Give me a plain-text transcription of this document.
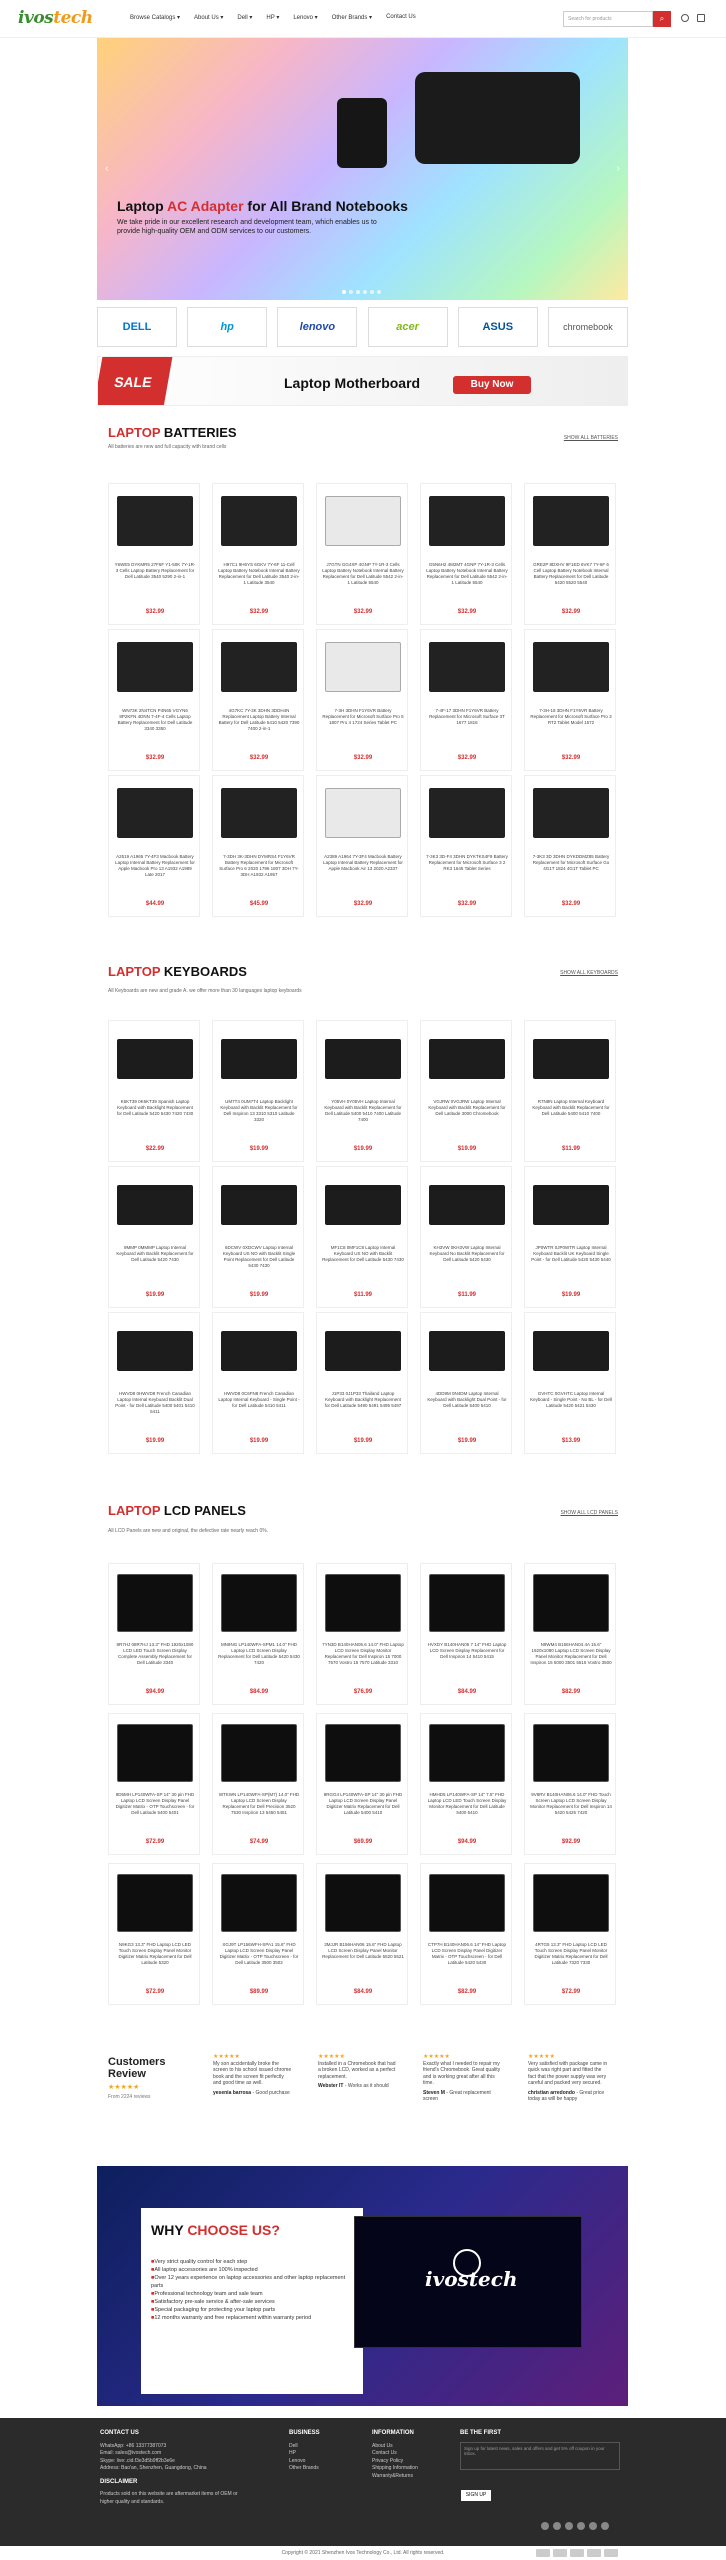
ivostech	Browse Catalogs ▾ About Us ▾ Dell ▾ HP ▾ Lenovo ▾ Other Brands ▾ Contact Us	Search for products	⌕
Laptop AC Adapter for All Brand Notebooks

We take pride in our excellent research and development team, which enables us to provide high-quality OEM and ODM services to our customers.

‹	›
DELL	hp	lenovo	acer	ASUS	chromebook
SALE	Laptop Motherboard	Buy Now
LAPTOP BATTERIES
All batteries are new and full capacity with brand cells
SHOW ALL BATTERIES
Y6WE5 DYKMR5 27F6F Y1-50K 7Y-1R-3 Cells Laptop Battery Replacement for Dell Latitude 3540 5290 2-in-1
$32.99
H97C1 9H6YS 6GKV 7Y-6F 11-Cell Laptop Battery Notebook Internal Battery Replacement for Dell Latitude 3540 2-in-1 Latitude 3540
$32.99
J7GTN GG4XP 4GNP 7Y-1R-3 Cells Laptop Battery Notebook Internal Battery Replacement for Dell Latitude 5542 2-in-1 Latitude 5540
$32.99
G5N6H2 4M2MT 4GNP 7Y-1R-3 Cells Laptop Battery Notebook Internal Battery Replacement for Dell Latitude 5542 2-in-1 Latitude 5540
$32.99
GRE2P 8DXHV 9F1ED 6VK7 7Y-6F 6 Cell Laptop Battery Notebook Internal Battery Replacement for Dell Latitude 5420 5520 5540
$32.99
WN73K 2N4TCN P4N65 VGYN6 8P2KFN 4DNN 7-4F-4 Cells Laptop Battery Replacement for Dell Latitude 3340 3350
$32.99
4G7KC 7Y-3K 3DHN 3DDH4N Replacement Laptop Battery Internal Battery for Dell Latitude 5410 5420 7390 7400 2-in-1
$32.99
7-3H 3DHN F1Y6VR Battery Replacement for Microsoft Surface Pro 5 1807 Pro 4 1724 Series Tablet PC
$32.99
7-4F-17 3DHN F1Y6VR Battery Replacement for Microsoft Surface 3T 1677 1816
$32.99
7-3H-18 3DHN F1Y6VR Battery Replacement for Microsoft Surface Pro 3 RT2 Tablet Model 1572
$32.99
A2519 A1965 7Y-4F3 Macbook Battery Laptop Internal Battery Replacement for Apple Macbook Pro 13 A1932 A1989 Late 2017
$44.99
7-3DH 3K-3DHN DYMRS4 F1Y6VR Battery Replacement for Microsoft Surface Pro 6 2020 1796 1807 3DH 7Y-3DH A1932 A1957
$45.99
A2389 A1964 7Y-3F4 Macbook Battery Laptop Internal Battery Replacement for Apple Macbook Air 13 2020 A2337
$32.99
7-3K3 3D-F4 3DHN DYKTKS4F9 Battery Replacement for Microsoft Surface 3 2 RK3 1645 Tablet Series
$32.99
7-3K3 3D 3DHN DYKDDMZ85 Battery Replacement for Microsoft Surface Go 4G1T 1824 4G1T Tablet PC
$32.99
LAPTOP KEYBOARDS
All Keyboards are new and grade A. we offer more than 30 languages laptop keyboards
SHOW ALL KEYBOARDS
K6KT39 0K6KT39 Spanish Laptop Keyboard with Backlight Replacement for Dell Latitude 5420 5430 7420 7430
$22.99
UM7T4 0UM7T4 Laptop Backlight Keyboard with Backlit Replacement for Dell Inspiron 13 3310 5310 Latitude 3320
$19.99
Y05VH 0Y05VH Laptop Internal Keyboard with Backlit Replacement for Dell Latitude 5400 5410 7400 Latitude 7400
$19.99
VGJRW 0VGJRW Laptop Internal Keyboard with Backlit Replacement for Dell Latitude 3000 Chromebook
$19.99
R7N8N Laptop Internal Keyboard Keyboard with Backlit Replacement for Dell Latitude 5400 5410 7400
$11.99
9MMP 0MMMP Laptop Internal Keyboard with Backlit Replacement for Dell Latitude 5420 7430
$19.99
6DCWV 0XDCWV Laptop Internal Keyboard US NO with Backlit Single Point Replacement for Dell Latitude 5430 7430
$19.99
MF1C8 0MF1C8 Laptop Internal Keyboard US NO with Backlit Replacement for Dell Latitude 5430 7430
$11.99
KH3VW 0KH3VW Laptop Internal Keyboard No Backlit Replacement for Dell Latitude 5420 5430
$11.99
JP0WTR 0JP0WTR Laptop Internal Keyboard Backlit UK Keyboard Single Point - for Dell Latitude 5420 5430 5440
$19.99
HWVD8 0HWVD8 French Canadian Laptop Internal Keyboard Backlit Dual Point - for Dell Latitude 5400 5401 5410 5411
$19.99
HWVD8 0C6FN8 French Canadian Laptop Internal Keyboard - Single Point - for Dell Latitude 5410 5411
$19.99
J1P33 0J1P33 Thailand Laptop Keyboard with Backlight Replacement for Dell Latitude 5490 5491 5495 5497
$19.99
4DD9M 0N4DM Laptop Internal Keyboard with Backlight Dual Point - for Dell Latitude 5400 5410
$19.99
GVHTC 0GVHTC Laptop Internal Keyboard - Single Point - No BL - for Dell Latitude 5420 5421 5430
$13.99
LAPTOP LCD PANELS
All LCD Panels are new and original, the defective rate nearly reach 0%.
SHOW ALL LCD PANELS
8R7HJ 08R7HJ 13.3" FHD 1920x1080 LCD LED Touch Screen Display Complete Assembly Replacement for Dell Latitude 3340
$94.99
MN9NG LP140WFA-SPM1 14.0" FHD Laptop LCD Screen Display Replacement for Dell Latitude 5420 5430 7420
$84.99
7YN3D B140HAN05.6 14.0" FHD Laptop LCD Screen Display Monitor Replacement for Dell Inspiron 15 7000 7570 Vostro 15 7570 Latitude 3310
$76.99
HVXDY B140HAN05 7 14" FHD Laptop LCD Screen Display Replacement for Dell Inspiron 14 5410 5415
$84.99
N9WM4 B156HAN04.4A 15.6" 1920x1080 Laptop LCD Screen Display Panel Monitor Replacement for Dell Inspiron 15 5000 3501 5515 Vostro 3500
$82.99
9D5MH LP140WFA-SP 14" 30 pin FHD Laptop LCD Screen Display Panel Digitizer Matrix - OTP Touchscreen - for Dell Latitude 5400 5401
$72.99
WTKWN LP140WFA-SP(M7) 14.0" FHD Laptop LCD Screen Display Replacement for Dell Precision 3520 7530 Inspiron 13 5450 5451
$74.99
8RGG4 LP140WFA-SP 14" 30 pin FHD Laptop LCD Screen Display Panel Digitizer Matrix Replacement for Dell Latitude 5400 5410
$69.99
HMHD5 LP140WFA-SP 14" 7.5" FHD Laptop LCD LED Touch Screen Display Monitor Replacement for Dell Latitude 5400 5410
$94.99
9V8RV B140HAN06.6 14.0" FHD Touch Screen Laptop LCD Screen Display Monitor Replacement for Dell Inspiron 14 5420 5425 7420
$92.99
N9KG3 13.3" FHD Laptop LCD LED Touch Screen Display Panel Monitor Digitizer Matrix Replacement for Dell Latitude 5320
$72.99
XGJ9T LP156WFH-SPA1 15.6" FHD Laptop LCD Screen Display Panel Digitizer Matrix - OTP Touchscreen - for Dell Latitude 3500 3502
$89.99
3MJJR B156HAN06 15.6" FHD Laptop LCD Screen Display Panel Monitor Replacement for Dell Latitude 5520 5521
$84.99
CTP7H B140HAN06.6 14" FHD Laptop LCD Screen Display Panel Digitizer Matrix - OTP Touchscreen - for Dell Latitude 5420 5430
$82.99
4RTG5 13.3" FHD Laptop LCD LED Touch Screen Display Panel Monitor Digitizer Matrix Replacement for Dell Latitude 7320 7330
$72.99
Customers Review
★★★★★
From 2224 reviews
★★★★★
My son accidentally broke the screen to his school issued chrome book and the screen fit perfectly and good time as well.
yesenia barrosa - Good purchase
★★★★★
Installed in a Chromebook that had a broken LCD, worked as a perfect replacement.
Webster IT - Works as it should
★★★★★
Exactly what I needed to repair my friend's Chromebook. Great quality and is working great after all this time.
Steven M - Great replacement screen
★★★★★
Very satisfied with package came in quick was right part and fitted the fact that the power supply was very careful and packed very secured.
christian arredondo - Great price today as will be happy
WHY CHOOSE US?
■ Very strict quality control for each step
■ All laptop accessories are 100% inspected
■ Over 12 years experience on laptop accessories and other laptop replacement parts
■ Professional technology team and sale team
■ Satisfactory pre-sale service & after-sale services
■ Special packaging for protecting your laptop parts
■ 12 months warranty and free replacement within warranty period
ivostech
CONTACT US
WhatsApp: +86 13377387073
Email: sales@ivostech.com
Skype: live:.cid.f3e3d5b9ff2b3e6e
Address: Bao'an, Shenzhen, Guangdong, China
DISCLAIMER
Products sold on this website are aftermarket items of OEM or higher quality and standards.
BUSINESS
Dell
HP
Lenovo
Other Brands
INFORMATION
About Us
Contact Us
Privacy Policy
Shipping Information
Warranty&Returns
BE THE FIRST
Sign up for latest news, sales and offers and get 5% off coupon in your inbox.
SIGN UP
Copyright © 2021 Shenzhen Ivos Technology Co., Ltd. All rights reserved.
